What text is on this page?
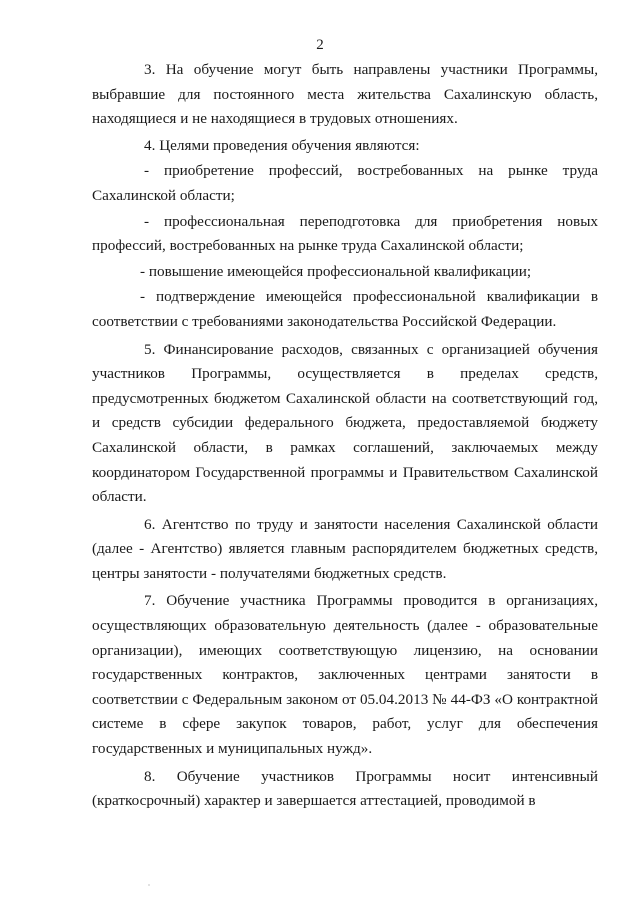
2

3. На обучение могут быть направлены участники Программы, выбравшие для постоянного места жительства Сахалинскую область, находящиеся и не находящиеся в трудовых отношениях.

4. Целями проведения обучения являются:

- приобретение профессий, востребованных на рынке труда Сахалинской области;

- профессиональная переподготовка для приобретения новых профессий, востребованных на рынке труда Сахалинской области;

- повышение имеющейся профессиональной квалификации;

- подтверждение имеющейся профессиональной квалификации в соответствии с требованиями законодательства Российской Федерации.

5. Финансирование расходов, связанных с организацией обучения участников Программы, осуществляется в пределах средств, предусмотренных бюджетом Сахалинской области на соответствующий год, и средств субсидии федерального бюджета, предоставляемой бюджету Сахалинской области, в рамках соглашений, заключаемых между координатором Государственной программы и Правительством Сахалинской области.

6. Агентство по труду и занятости населения Сахалинской области (далее - Агентство) является главным распорядителем бюджетных средств, центры занятости - получателями бюджетных средств.

7. Обучение участника Программы проводится в организациях, осуществляющих образовательную деятельность (далее - образовательные организации), имеющих соответствующую лицензию, на основании государственных контрактов, заключенных центрами занятости в соответствии с Федеральным законом от 05.04.2013 № 44-ФЗ «О контрактной системе в сфере закупок товаров, работ, услуг для обеспечения государственных и муниципальных нужд».

8. Обучение участников Программы носит интенсивный (краткосрочный) характер и завершается аттестацией, проводимой в
